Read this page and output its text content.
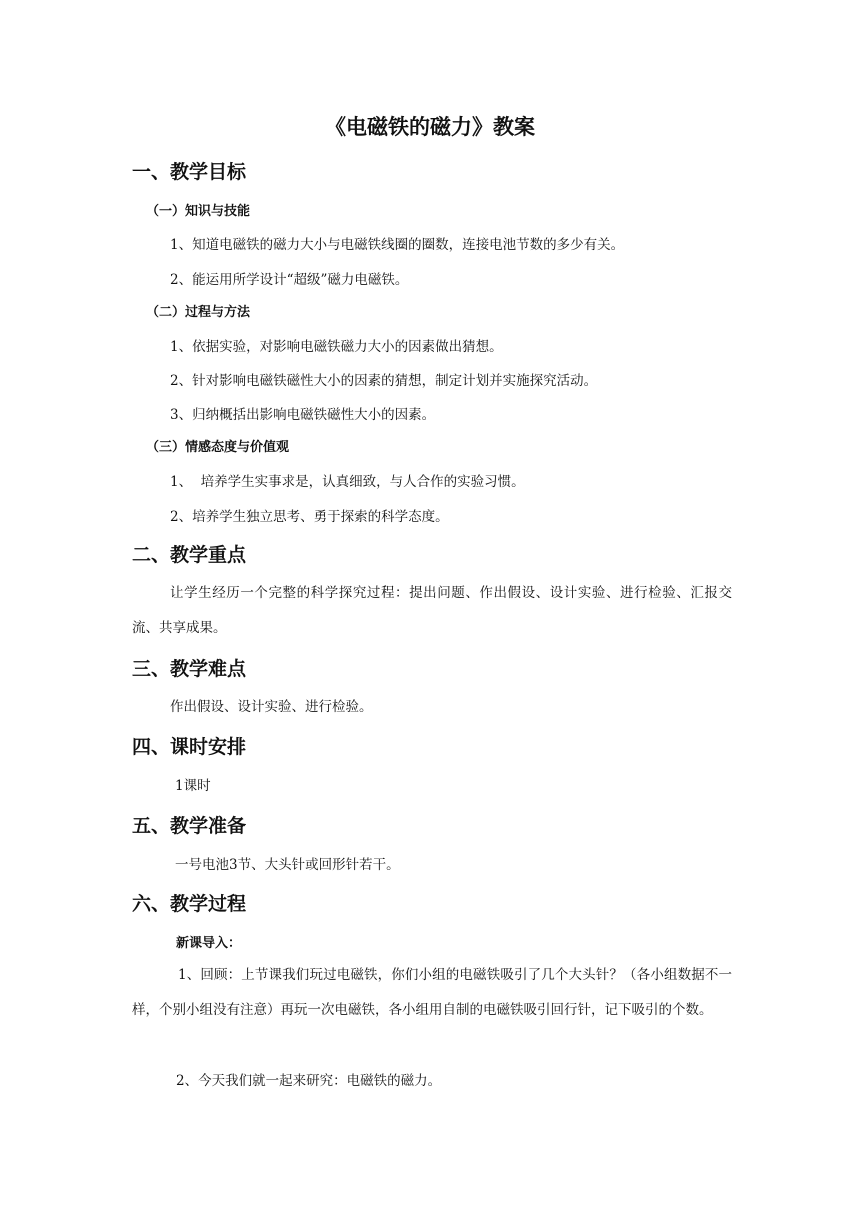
《电磁铁的磁力》教案
一、教学目标
（一）知识与技能
1、知道电磁铁的磁力大小与电磁铁线圈的圈数，连接电池节数的多少有关。
2、能运用所学设计“超级”磁力电磁铁。
（二）过程与方法
1、依据实验，对影响电磁铁磁力大小的因素做出猜想。
2、针对影响电磁铁磁性大小的因素的猜想，制定计划并实施探究活动。
3、归纳概括出影响电磁铁磁性大小的因素。
（三）情感态度与价值观
1、  培养学生实事求是，认真细致，与人合作的实验习惯。
2、培养学生独立思考、勇于探索的科学态度。
二、教学重点

让学生经历一个完整的科学探究过程：提出问题、作出假设、设计实验、进行检验、汇报交流、共享成果。

三、教学难点
作出假设、设计实验、进行检验。
四、课时安排
1课时
五、教学准备
一号电池3节、大头针或回形针若干。
六、教学过程
新课导入：

1、回顾：上节课我们玩过电磁铁，你们小组的电磁铁吸引了几个大头针？（各小组数据不一样，个别小组没有注意）再玩一次电磁铁，各小组用自制的电磁铁吸引回行针，记下吸引的个数。

2、今天我们就一起来研究：电磁铁的磁力。
